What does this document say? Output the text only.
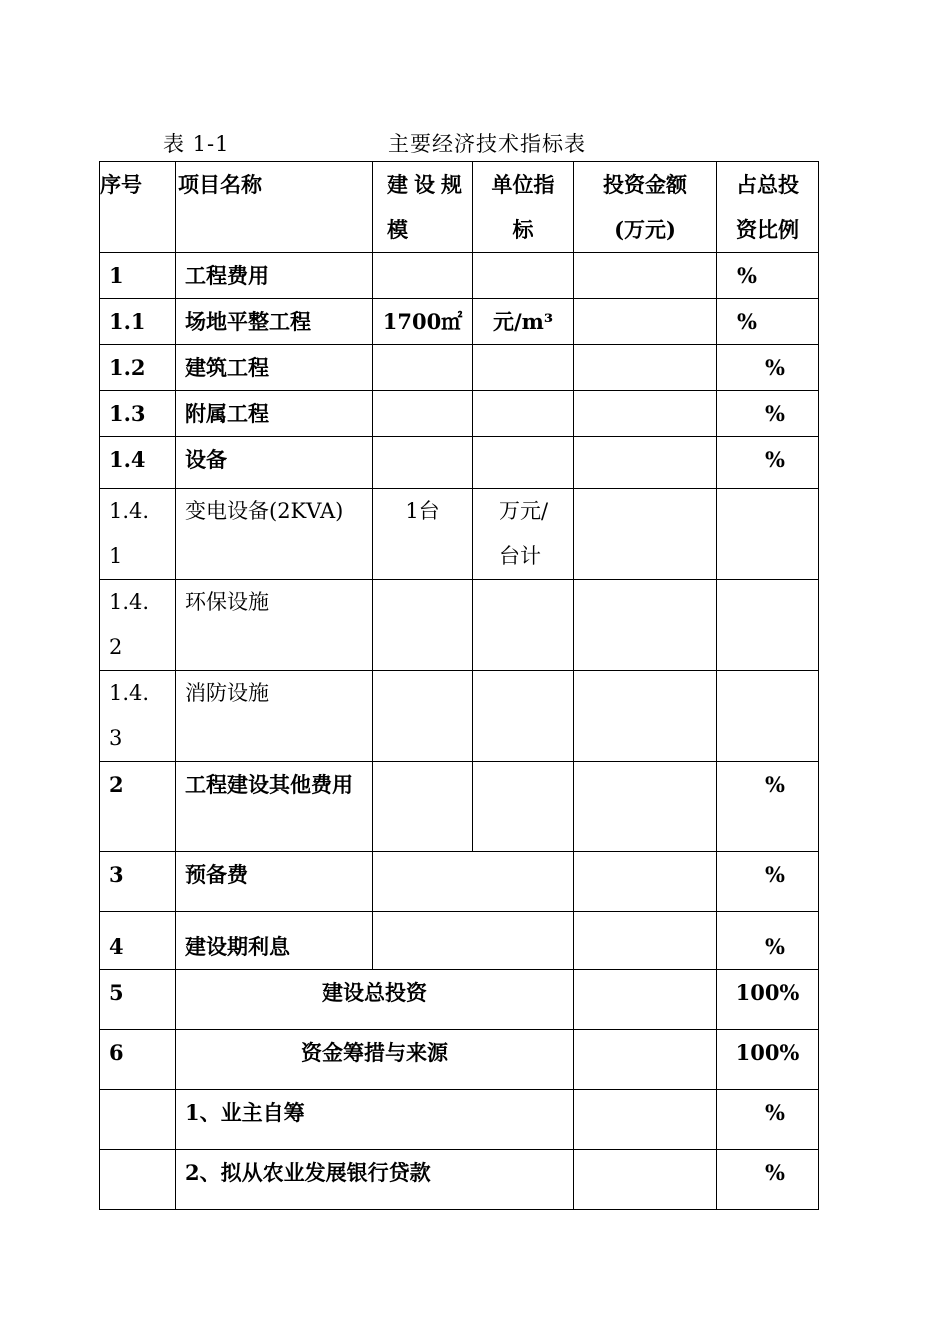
表 1-1	主要经济技术指标表
序号	项目名称	建设规模	单位指标	投资金额(万元)	占总投资比例
1	工程费用				%
1.1	场地平整工程	1700㎡	元/m³		%
1.2	建筑工程				%
1.3	附属工程				%
1.4	设备				%
1.4.1	变电设备(2KVA)	1台	万元/台计		
1.4.2	环保设施				
1.4.3	消防设施				
2	工程建设其他费用				%
3	预备费				%
4	建设期利息				%
5	建设总投资				100%
6	资金筹措与来源				100%
	1、业主自筹				%
	2、拟从农业发展银行贷款				%
